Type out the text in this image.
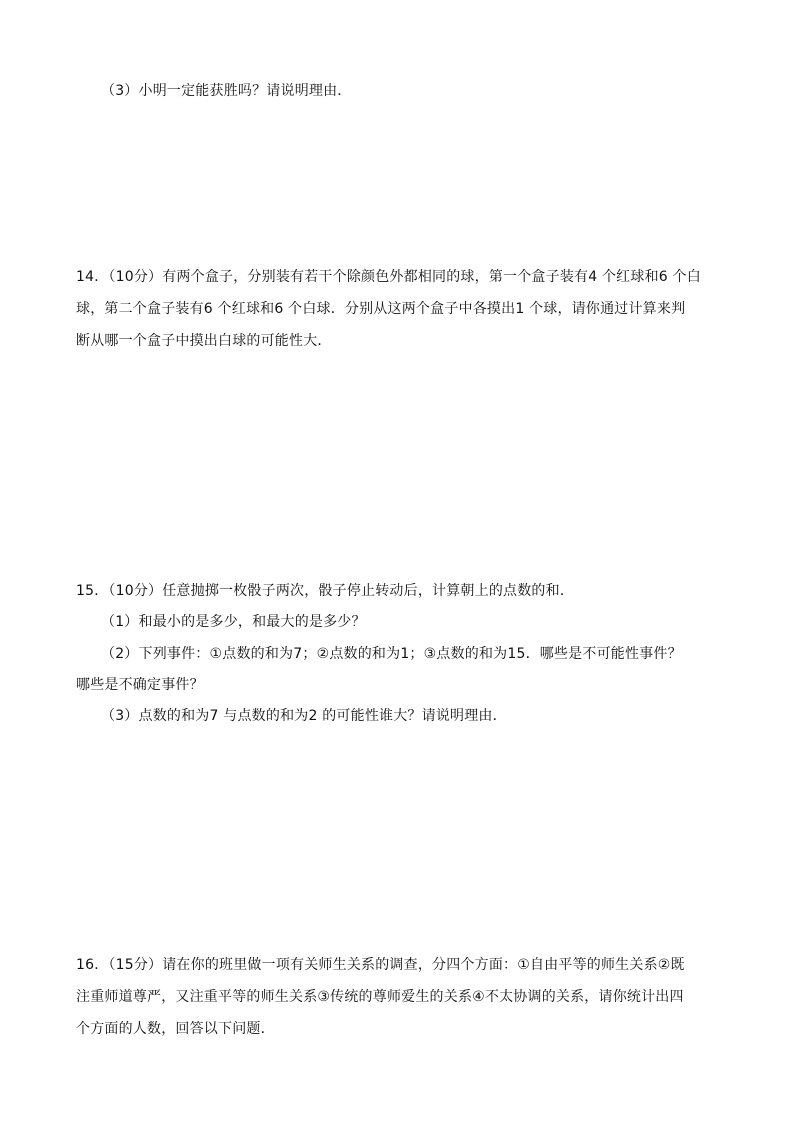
（3）小明一定能获胜吗？请说明理由．
14．（10分）有两个盒子，分别装有若干个除颜色外都相同的球，第一个盒子装有4 个红球和6 个白
球，第二个盒子装有6 个红球和6 个白球．分别从这两个盒子中各摸出1 个球，请你通过计算来判
断从哪一个盒子中摸出白球的可能性大．
15．（10分）任意抛掷一枚骰子两次，骰子停止转动后，计算朝上的点数的和．
（1）和最小的是多少，和最大的是多少？
（2）下列事件：①点数的和为7；②点数的和为1；③点数的和为15．哪些是不可能性事件？
哪些是不确定事件？
（3）点数的和为7 与点数的和为2 的可能性谁大？请说明理由．
16．（15分）请在你的班里做一项有关师生关系的调查，分四个方面：①自由平等的师生关系②既
注重师道尊严，又注重平等的师生关系③传统的尊师爱生的关系④不太协调的关系，请你统计出四
个方面的人数，回答以下问题．
